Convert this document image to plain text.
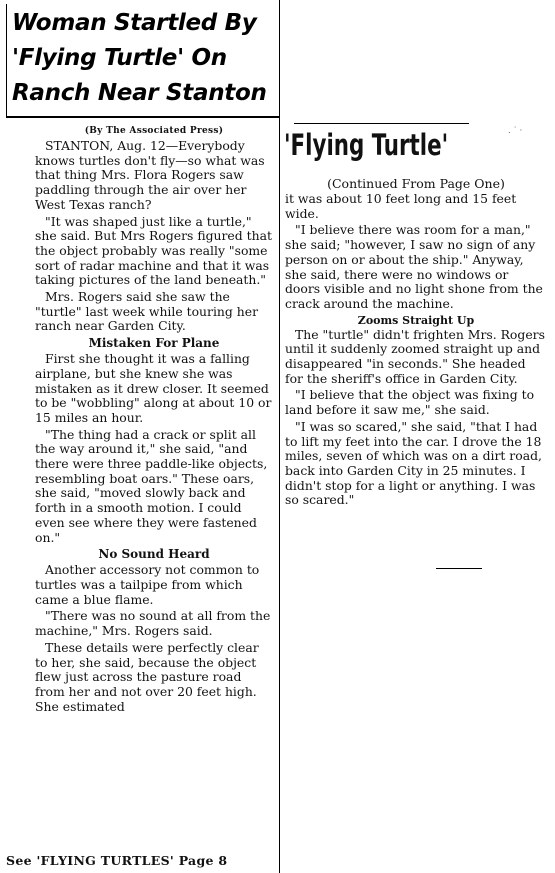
Woman Startled By
'Flying Turtle' On
Ranch Near Stanton
(By The Associated Press)

STANTON, Aug. 12—Everybody knows turtles don't fly—so what was that thing Mrs. Flora Rogers saw paddling through the air over her West Texas ranch?

"It was shaped just like a turtle," she said. But Mrs Rogers figured that the object probably was really "some sort of radar machine and that it was taking pictures of the land beneath."

Mrs. Rogers said she saw the "turtle" last week while touring her ranch near Garden City.

Mistaken For Plane

First she thought it was a falling airplane, but she knew she was mistaken as it drew closer. It seemed to be "wobbling" along at about 10 or 15 miles an hour.

"The thing had a crack or split all the way around it," she said, "and there were three paddle-like objects, resembling boat oars." These oars, she said, "moved slowly back and forth in a smooth motion. I could even see where they were fastened on."

No Sound Heard

Another accessory not common to turtles was a tailpipe from which came a blue flame.

"There was no sound at all from the machine," Mrs. Rogers said.

These details were perfectly clear to her, she said, because the object flew just across the pasture road from her and not over 20 feet high. She estimated

See 'FLYING TURTLES' Page 8
'Flying Turtle'	. ˙ ·
(Continued From Page One)

it was about 10 feet long and 15 feet wide.

"I believe there was room for a man," she said; "however, I saw no sign of any person on or about the ship." Anyway, she said, there were no windows or doors visible and no light shone from the crack around the machine.

Zooms Straight Up

The "turtle" didn't frighten Mrs. Rogers until it suddenly zoomed straight up and disappeared "in seconds." She headed for the sheriff's office in Garden City.

"I believe that the object was fixing to land before it saw me," she said.

"I was so scared," she said, "that I had to lift my feet into the car. I drove the 18 miles, seven of which was on a dirt road, back into Garden City in 25 minutes. I didn't stop for a light or anything. I was so scared."
